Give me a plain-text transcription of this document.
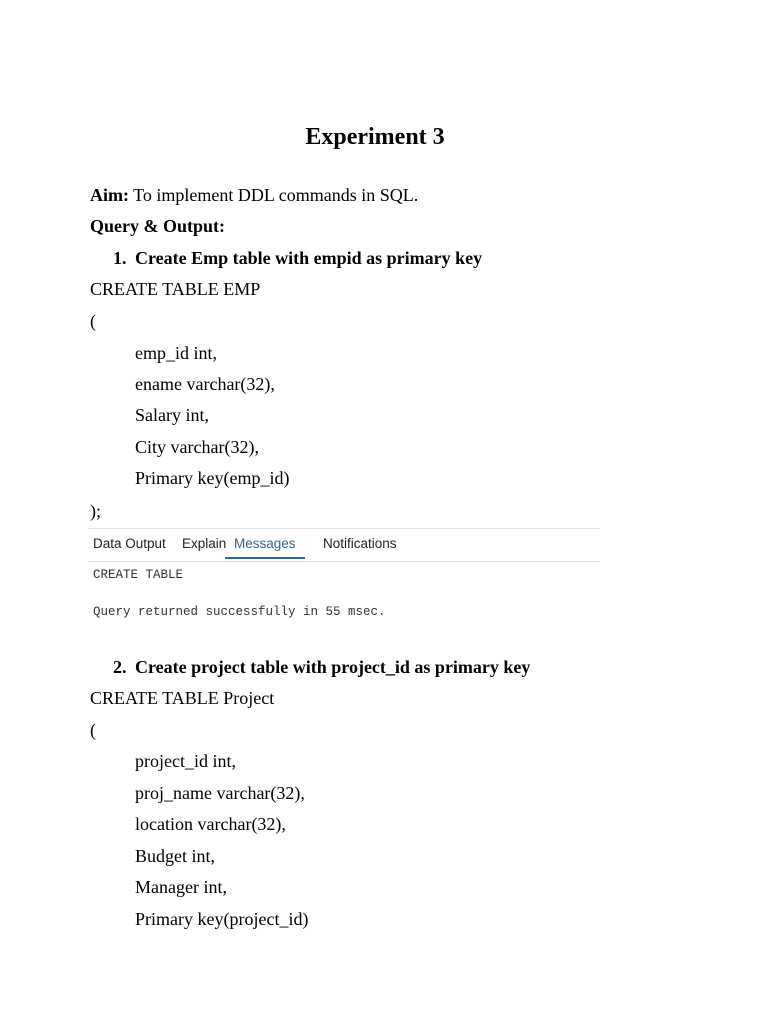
Experiment 3
Aim: To implement DDL commands in SQL.
Query & Output:
1. Create Emp table with empid as primary key
CREATE TABLE EMP
(
emp_id int,
ename varchar(32),
Salary int,
City varchar(32),
Primary key(emp_id)
);
Data Output Explain Messages	Notifications
CREATE TABLE
Query returned successfully in 55 msec.
2. Create project table with project_id as primary key
CREATE TABLE Project
(
project_id int,
proj_name varchar(32),
location varchar(32),
Budget int,
Manager int,
Primary key(project_id)
